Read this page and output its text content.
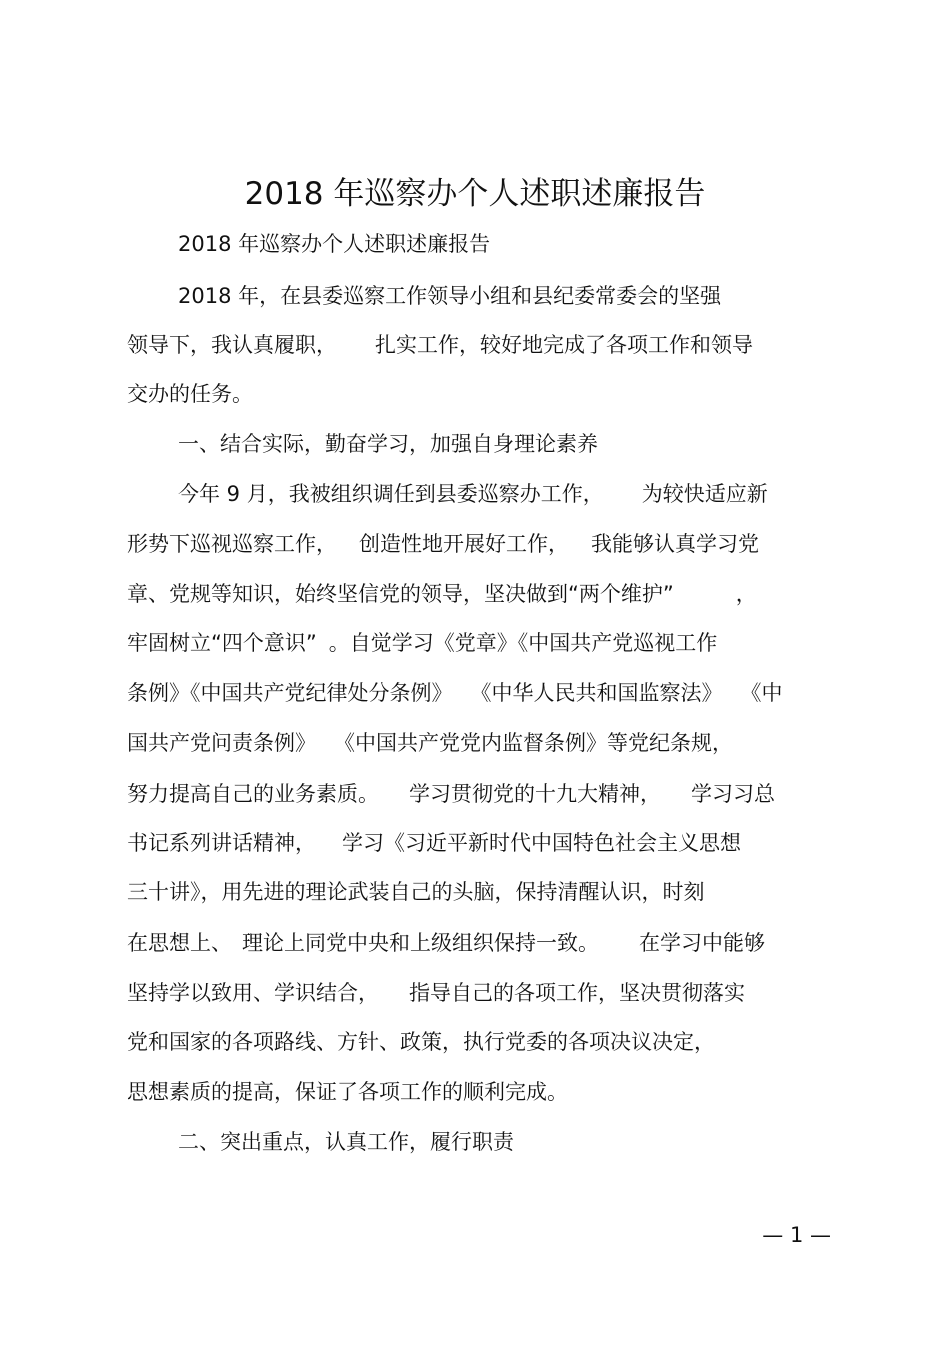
2018 年巡察办个人述职述廉报告
2018 年巡察办个人述职述廉报告
2018 年，在县委巡察工作领导小组和县纪委常委会的坚强
领导下，我认真履职， 扎实工作，较好地完成了各项工作和领导
交办的任务。
一、结合实际，勤奋学习，加强自身理论素养
今年 9 月，我被组织调任到县委巡察办工作， 为较快适应新
形势下巡视巡察工作， 创造性地开展好工作， 我能够认真学习党
章、党规等知识，始终坚信党的领导，坚决做到“两个维护”	，
牢固树立“四个意识” 。自觉学习《党章》《中国共产党巡视工作
条例》《中国共产党纪律处分条例》 《中华人民共和国监察法》 《中
国共产党问责条例》 《中国共产党党内监督条例》等党纪条规，
努力提高自己的业务素质。 学习贯彻党的十九大精神， 学习习总
书记系列讲话精神， 学习《习近平新时代中国特色社会主义思想
三十讲》，用先进的理论武装自己的头脑，保持清醒认识，时刻
在思想上、 理论上同党中央和上级组织保持一致。 在学习中能够
坚持学以致用、学识结合， 指导自己的各项工作，坚决贯彻落实
党和国家的各项路线、方针、政策，执行党委的各项决议决定，
思想素质的提高，保证了各项工作的顺利完成。
二、突出重点，认真工作，履行职责
— 1 —
